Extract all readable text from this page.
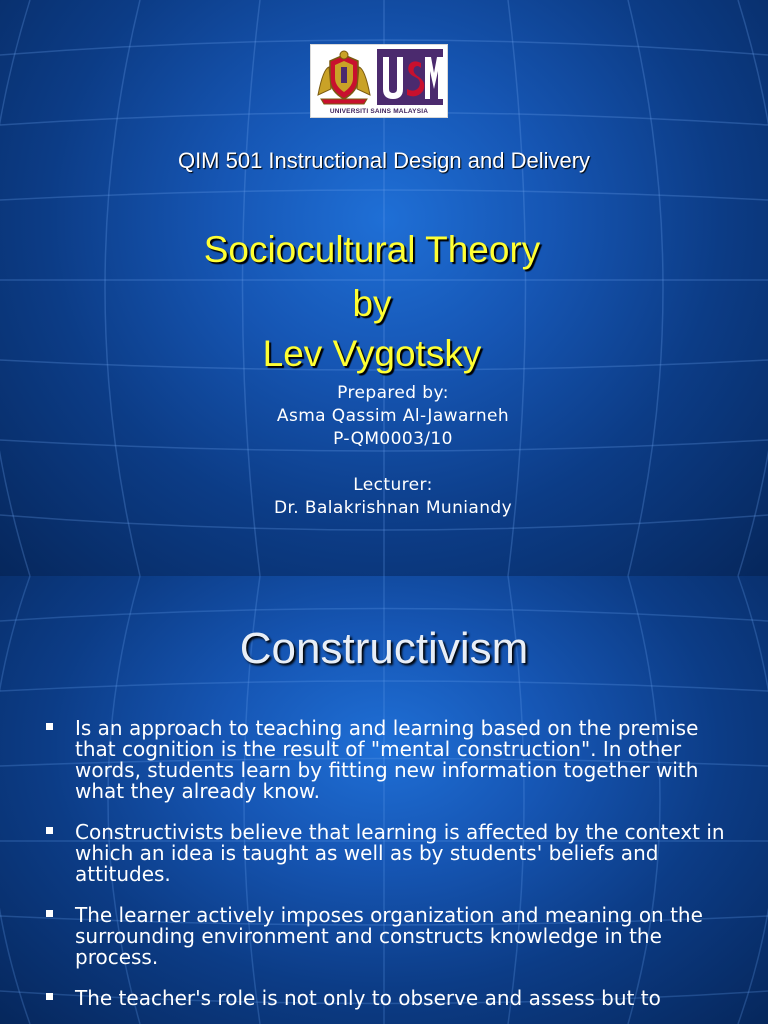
UNIVERSITI SAINS MALAYSIA
QIM 501 Instructional Design and Delivery
Sociocultural Theory
by
Lev Vygotsky
Prepared by:
Asma Qassim Al-Jawarneh
P-QM0003/10
Lecturer:
Dr. Balakrishnan Muniandy
Constructivism
Is an approach to teaching and learning based on the premise that cognition is the result of "mental construction". In other words, students learn by fitting new information together with what they already know.
Constructivists believe that learning is affected by the context in which an idea is taught as well as by students' beliefs and attitudes.
The learner actively imposes organization and meaning on the surrounding environment and constructs knowledge in the process.
The teacher's role is not only to observe and assess but to
